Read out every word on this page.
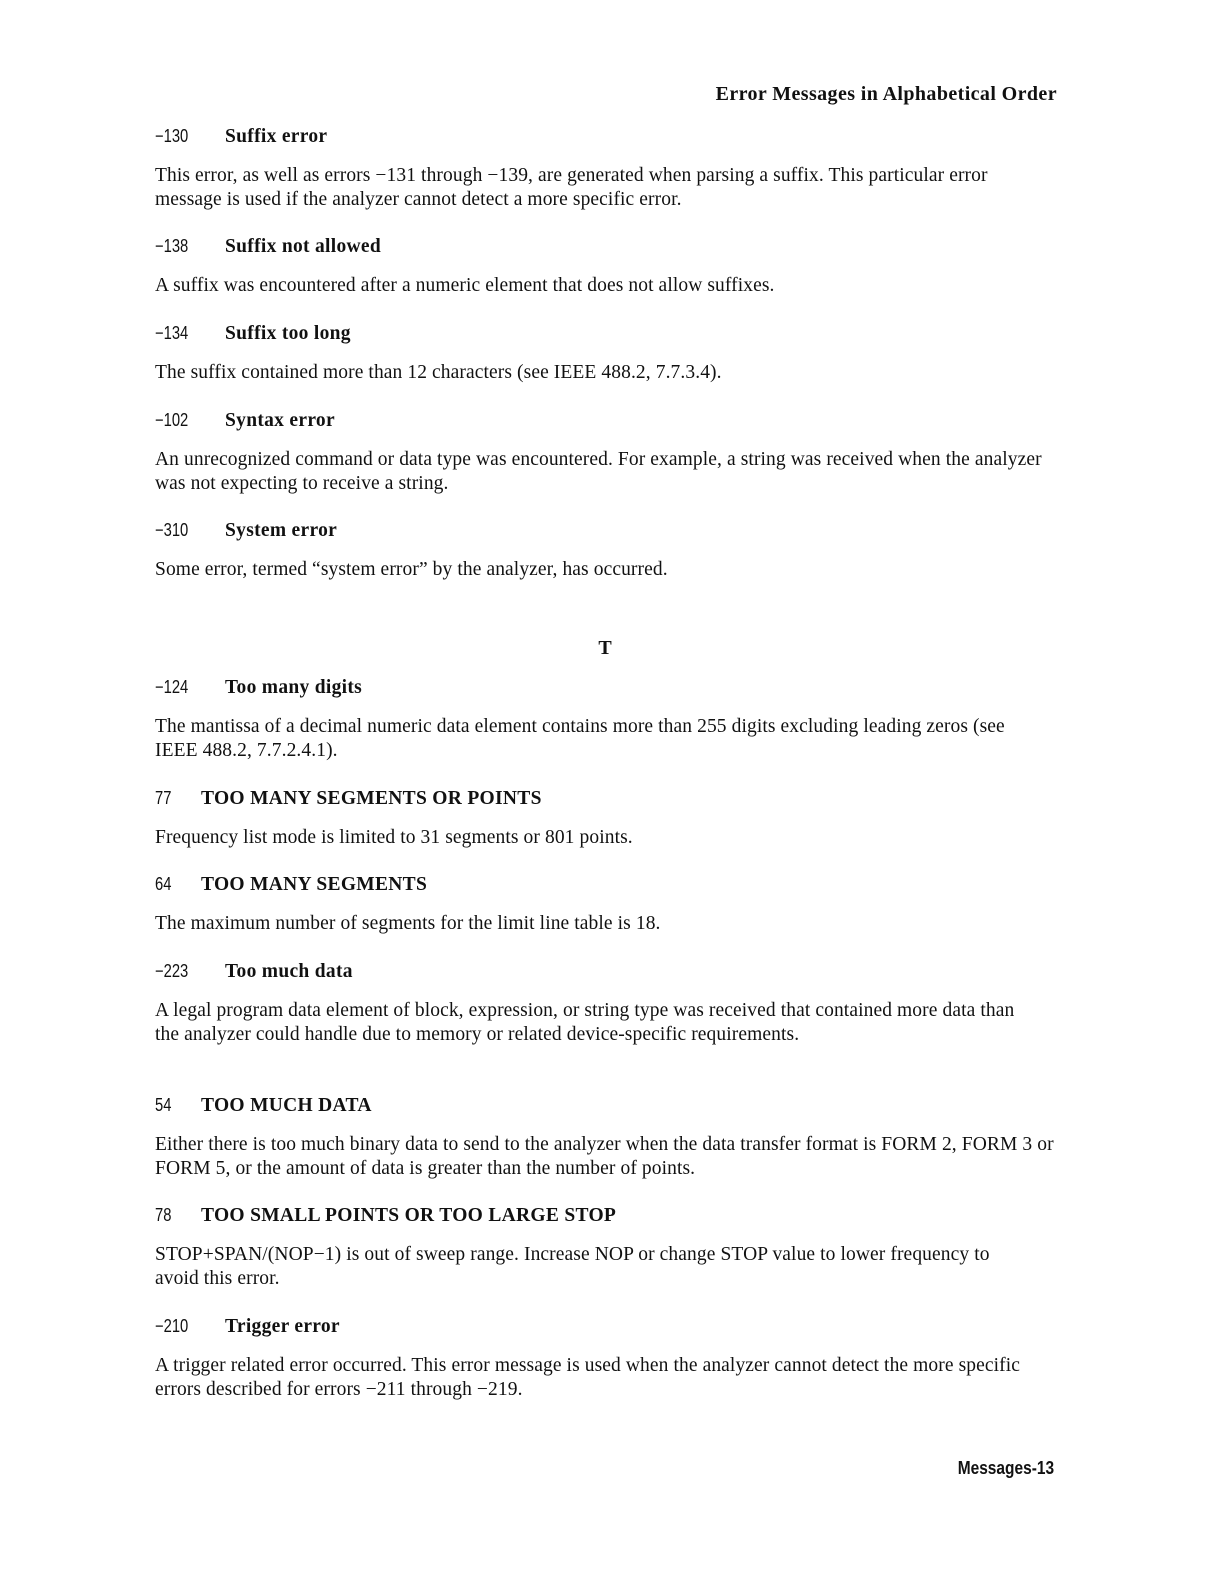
Error Messages in Alphabetical Order
−130 Suffix error

This error, as well as errors −131 through −139, are generated when parsing a suffix. This particular error message is used if the analyzer cannot detect a more specific error.

−138 Suffix not allowed

A suffix was encountered after a numeric element that does not allow suffixes.

−134 Suffix too long

The suffix contained more than 12 characters (see IEEE 488.2, 7.7.3.4).

−102 Syntax error

An unrecognized command or data type was encountered. For example, a string was received when the analyzer was not expecting to receive a string.

−310 System error

Some error, termed “system error” by the analyzer, has occurred.

T
−124 Too many digits

The mantissa of a decimal numeric data element contains more than 255 digits excluding leading zeros (see IEEE 488.2, 7.7.2.4.1).

77 TOO MANY SEGMENTS OR POINTS

Frequency list mode is limited to 31 segments or 801 points.

64 TOO MANY SEGMENTS

The maximum number of segments for the limit line table is 18.

−223 Too much data

A legal program data element of block, expression, or string type was received that contained more data than the analyzer could handle due to memory or related device-specific requirements.

54 TOO MUCH DATA

Either there is too much binary data to send to the analyzer when the data transfer format is FORM 2, FORM 3 or FORM 5, or the amount of data is greater than the number of points.

78 TOO SMALL POINTS OR TOO LARGE STOP

STOP+SPAN/(NOP−1) is out of sweep range. Increase NOP or change STOP value to lower frequency to avoid this error.

−210 Trigger error

A trigger related error occurred. This error message is used when the analyzer cannot detect the more specific errors described for errors −211 through −219.

Messages-13
